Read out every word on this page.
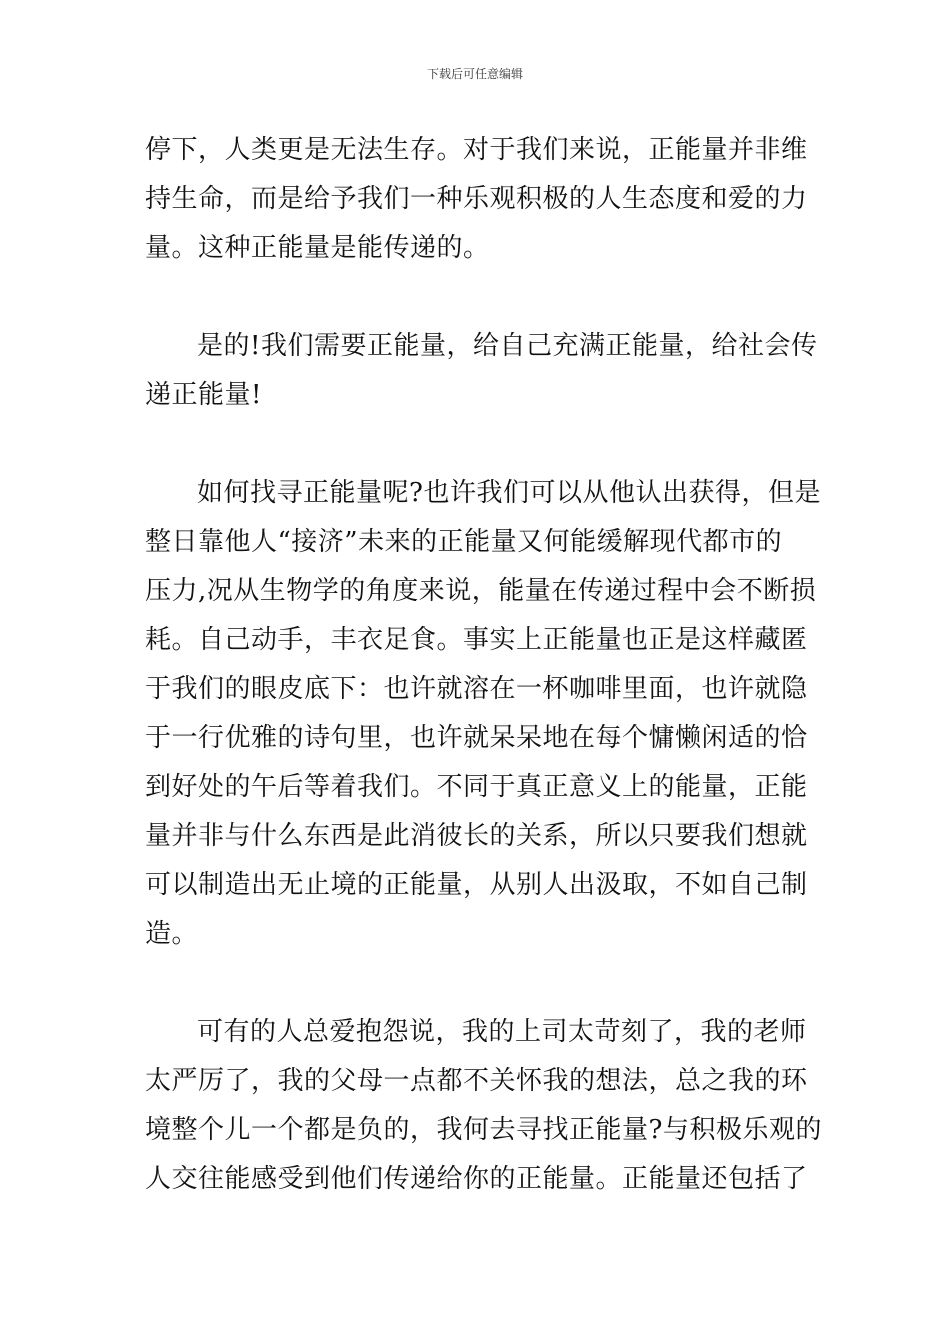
下载后可任意编辑
停下，人类更是无法生存。对于我们来说，正能量并非维
持生命，而是给予我们一种乐观积极的人生态度和爱的力
量。这种正能量是能传递的。
是的!我们需要正能量，给自己充满正能量，给社会传
递正能量!
如何找寻正能量呢?也许我们可以从他认出获得，但是
整日靠他人“接济”未来的正能量又何能缓解现代都市的
压力,况从生物学的角度来说，能量在传递过程中会不断损
耗。自己动手，丰衣足食。事实上正能量也正是这样藏匿
于我们的眼皮底下：也许就溶在一杯咖啡里面，也许就隐
于一行优雅的诗句里，也许就呆呆地在每个慵懒闲适的恰
到好处的午后等着我们。不同于真正意义上的能量，正能
量并非与什么东西是此消彼长的关系，所以只要我们想就
可以制造出无止境的正能量，从别人出汲取，不如自己制
造。
可有的人总爱抱怨说，我的上司太苛刻了，我的老师
太严厉了，我的父母一点都不关怀我的想法，总之我的环
境整个儿一个都是负的，我何去寻找正能量?与积极乐观的
人交往能感受到他们传递给你的正能量。正能量还包括了
